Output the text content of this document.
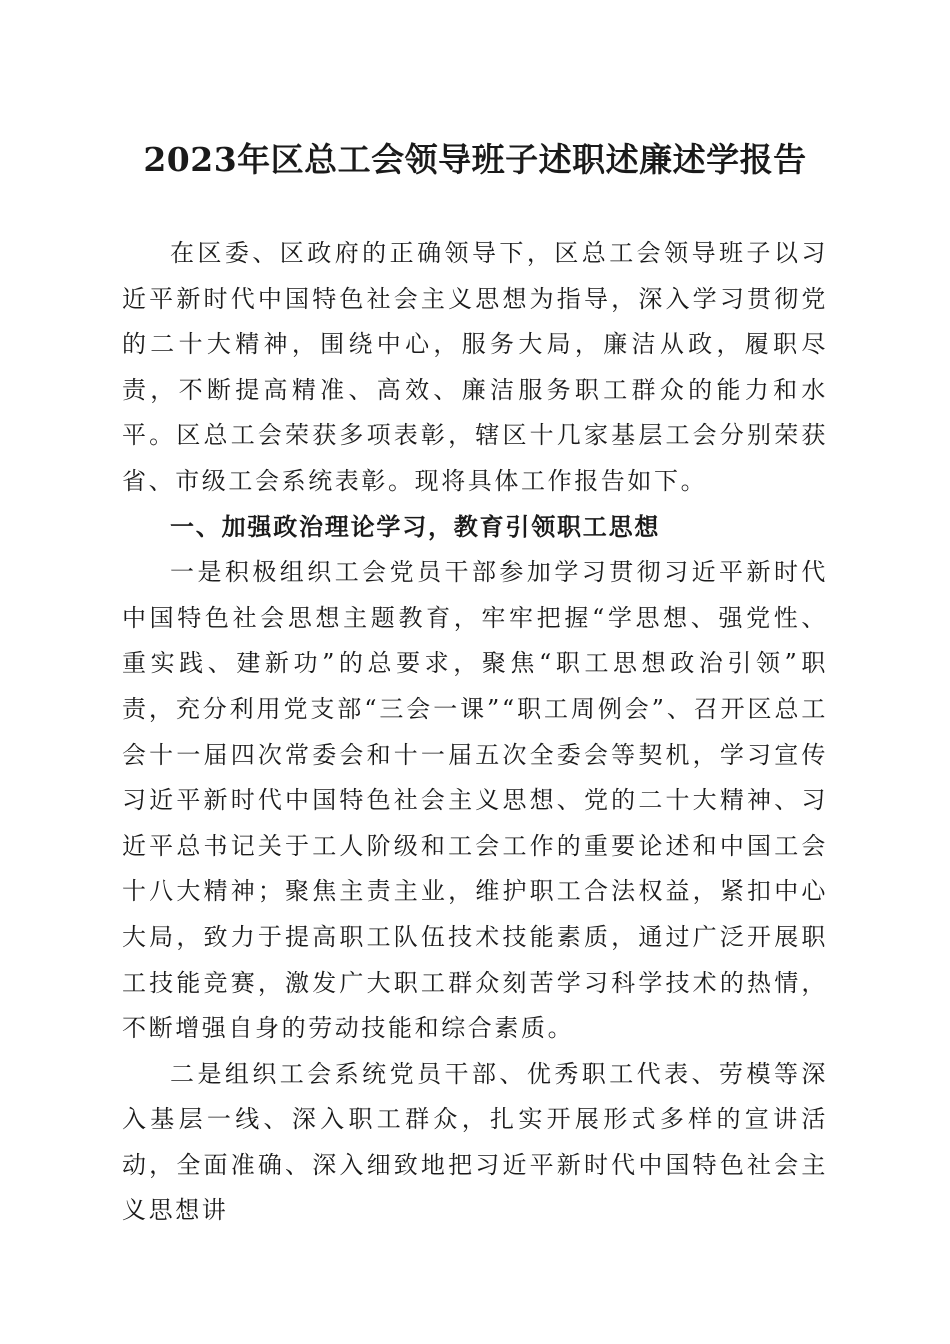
2023年区总工会领导班子述职述廉述学报告

在区委、区政府的正确领导下，区总工会领导班子以习近平新时代中国特色社会主义思想为指导，深入学习贯彻党的二十大精神，围绕中心，服务大局，廉洁从政，履职尽责，不断提高精准、高效、廉洁服务职工群众的能力和水平。区总工会荣获多项表彰，辖区十几家基层工会分别荣获省、市级工会系统表彰。现将具体工作报告如下。

一、加强政治理论学习，教育引领职工思想

一是积极组织工会党员干部参加学习贯彻习近平新时代中国特色社会思想主题教育，牢牢把握“学思想、强党性、重实践、建新功”的总要求，聚焦“职工思想政治引领”职责，充分利用党支部“三会一课”“职工周例会”、召开区总工会十一届四次常委会和十一届五次全委会等契机，学习宣传习近平新时代中国特色社会主义思想、党的二十大精神、习近平总书记关于工人阶级和工会工作的重要论述和中国工会十八大精神；聚焦主责主业，维护职工合法权益，紧扣中心大局，致力于提高职工队伍技术技能素质，通过广泛开展职工技能竞赛，激发广大职工群众刻苦学习科学技术的热情，不断增强自身的劳动技能和综合素质。

二是组织工会系统党员干部、优秀职工代表、劳模等深入基层一线、深入职工群众，扎实开展形式多样的宣讲活动，全面准确、深入细致地把习近平新时代中国特色社会主义思想讲
